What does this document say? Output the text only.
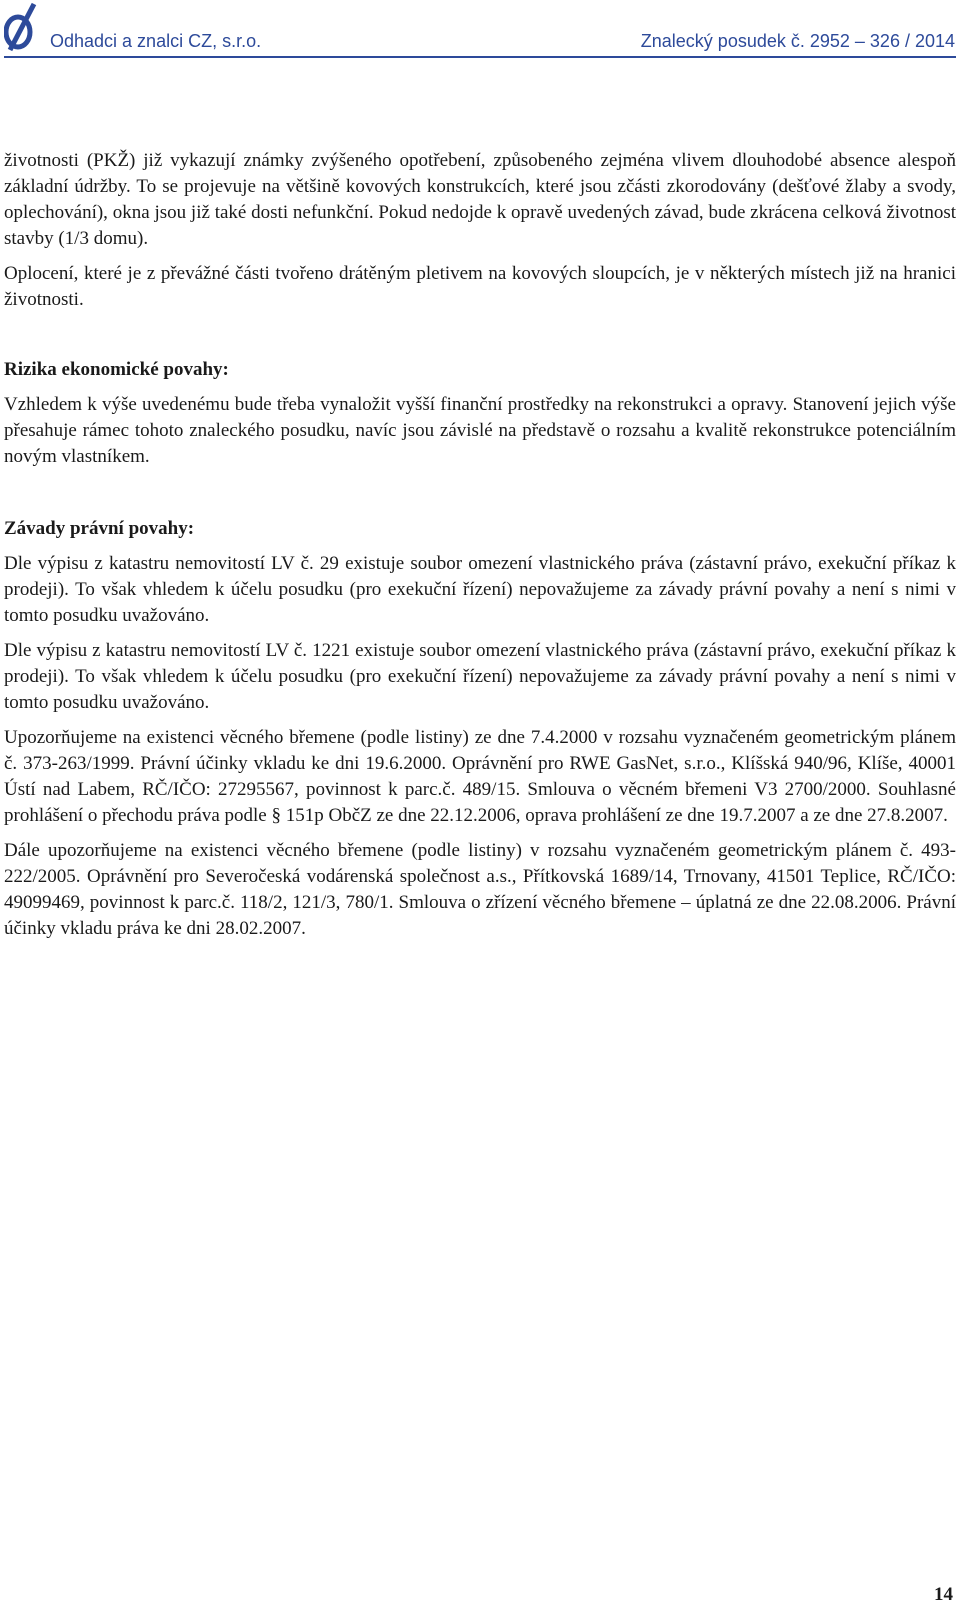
Odhadci a znalci CZ, s.r.o.	Znalecký posudek č. 2952 – 326 / 2014

životnosti (PKŽ) již vykazují známky zvýšeného opotřebení, způsobeného zejména vlivem dlouhodobé absence alespoň základní údržby. To se projevuje na většině kovových konstrukcích, které jsou zčásti zkorodovány (dešťové žlaby a svody, oplechování), okna jsou již také dosti nefunkční. Pokud nedojde k opravě uvedených závad, bude zkrácena celková životnost stavby (1/3 domu).

Oplocení, které je z převážné části tvořeno drátěným pletivem na kovových sloupcích, je v některých místech již na hranici životnosti.

Rizika ekonomické povahy:

Vzhledem k výše uvedenému bude třeba vynaložit vyšší finanční prostředky na rekonstrukci a opravy. Stanovení jejich výše přesahuje rámec tohoto znaleckého posudku, navíc jsou závislé na představě o rozsahu a kvalitě rekonstrukce potenciálním novým vlastníkem.

Závady právní povahy:

Dle výpisu z katastru nemovitostí LV č. 29 existuje soubor omezení vlastnického práva (zástavní právo, exekuční příkaz k prodeji). To však vhledem k účelu posudku (pro exekuční řízení) nepovažujeme za závady právní povahy a není s nimi v tomto posudku uvažováno.

Dle výpisu z katastru nemovitostí LV č. 1221 existuje soubor omezení vlastnického práva (zástavní právo, exekuční příkaz k prodeji). To však vhledem k účelu posudku (pro exekuční řízení) nepovažujeme za závady právní povahy a není s nimi v tomto posudku uvažováno.

Upozorňujeme na existenci věcného břemene (podle listiny) ze dne 7.4.2000 v rozsahu vyznačeném geometrickým plánem č. 373-263/1999. Právní účinky vkladu ke dni 19.6.2000. Oprávnění pro RWE GasNet, s.r.o., Klíšská 940/96, Klíše, 40001 Ústí nad Labem, RČ/IČO: 27295567, povinnost k parc.č. 489/15. Smlouva o věcném břemeni V3 2700/2000. Souhlasné prohlášení o přechodu práva podle § 151p ObčZ ze dne 22.12.2006, oprava prohlášení ze dne 19.7.2007 a ze dne 27.8.2007.

Dále upozorňujeme na existenci věcného břemene (podle listiny) v rozsahu vyznačeném geometrickým plánem č. 493-222/2005. Oprávnění pro Severočeská vodárenská společnost a.s., Přítkovská 1689/14, Trnovany, 41501 Teplice, RČ/IČO: 49099469, povinnost k parc.č. 118/2, 121/3, 780/1. Smlouva o zřízení věcného břemene – úplatná ze dne 22.08.2006. Právní účinky vkladu práva ke dni 28.02.2007.

14
